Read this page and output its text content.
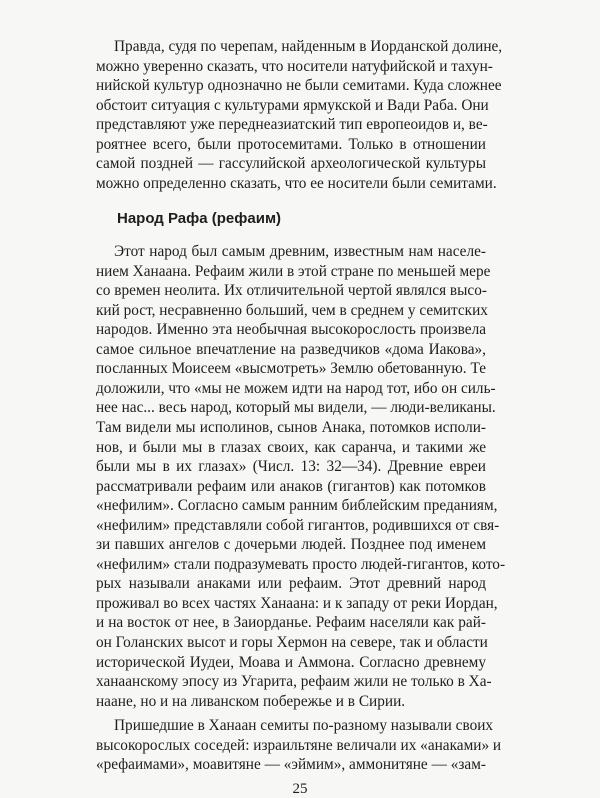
Правда, судя по черепам, найденным в Иорданской долине,
можно уверенно сказать, что носители натуфийской и тахун-
нийской культур однозначно не были семитами. Куда сложнее
обстоит ситуация с культурами ярмукской и Вади Раба. Они
представляют уже переднеазиатский тип европеоидов и, ве-
роятнее всего, были протосемитами. Только в отношении
самой поздней — гассулийской археологической культуры
можно определенно сказать, что ее носители были семитами.
Народ Рафа (рефаим)
Этот народ был самым древним, известным нам населе-
нием Ханаана. Рефаим жили в этой стране по меньшей мере
со времен неолита. Их отличительной чертой являлся высо-
кий рост, несравненно больший, чем в среднем у семитских
народов. Именно эта необычная высокорослость произвела
самое сильное впечатление на разведчиков «дома Иакова»,
посланных Моисеем «высмотреть» Землю обетованную. Те
доложили, что «мы не можем идти на народ тот, ибо он силь-
нее нас... весь народ, который мы видели, — люди-великаны.
Там видели мы исполинов, сынов Анака, потомков исполи-
нов, и были мы в глазах своих, как саранча, и такими же
были мы в их глазах» (Числ. 13: 32—34). Древние евреи
рассматривали рефаим или анаков (гигантов) как потомков
«нефилим». Согласно самым ранним библейским преданиям,
«нефилим» представляли собой гигантов, родившихся от свя-
зи павших ангелов с дочерьми людей. Позднее под именем
«нефилим» стали подразумевать просто людей-гигантов, кото-
рых называли анаками или рефаим. Этот древний народ
проживал во всех частях Ханаана: и к западу от реки Иордан,
и на восток от нее, в Заиорданье. Рефаим населяли как рай-
он Голанских высот и горы Хермон на севере, так и области
исторической Иудеи, Моава и Аммона. Согласно древнему
ханаанскому эпосу из Угарита, рефаим жили не только в Ха-
наане, но и на ливанском побережье и в Сирии.
Пришедшие в Ханаан семиты по-разному называли своих
высокорослых соседей: израильтяне величали их «анаками» и
«рефаимами», моавитяне — «эймим», аммонитяне — «зам-
25
